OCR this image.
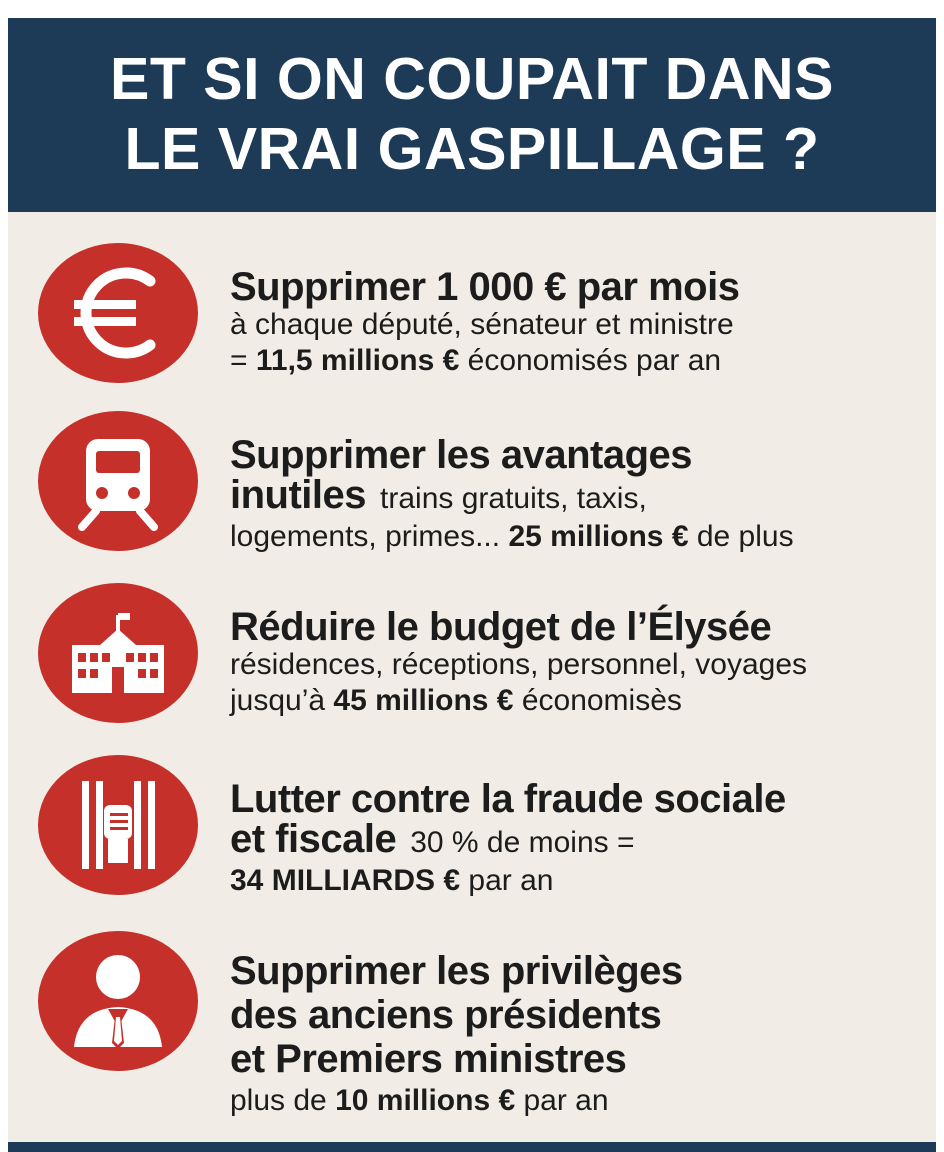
ET SI ON COUPAIT DANS
LE VRAI GASPILLAGE ?
Supprimer 1 000 € par mois
à chaque député, sénateur et ministre
= 11,5 millions € économisés par an
Supprimer les avantages
inutiles trains gratuits, taxis,
logements, primes... 25 millions € de plus
Réduire le budget de l’Élysée
résidences, réceptions, personnel, voyages
jusqu’à 45 millions € économisès
Lutter contre la fraude sociale
et fiscale 30 % de moins =
34 MILLIARDS € par an
Supprimer les privilèges
des anciens présidents
et Premiers ministres
plus de 10 millions € par an
